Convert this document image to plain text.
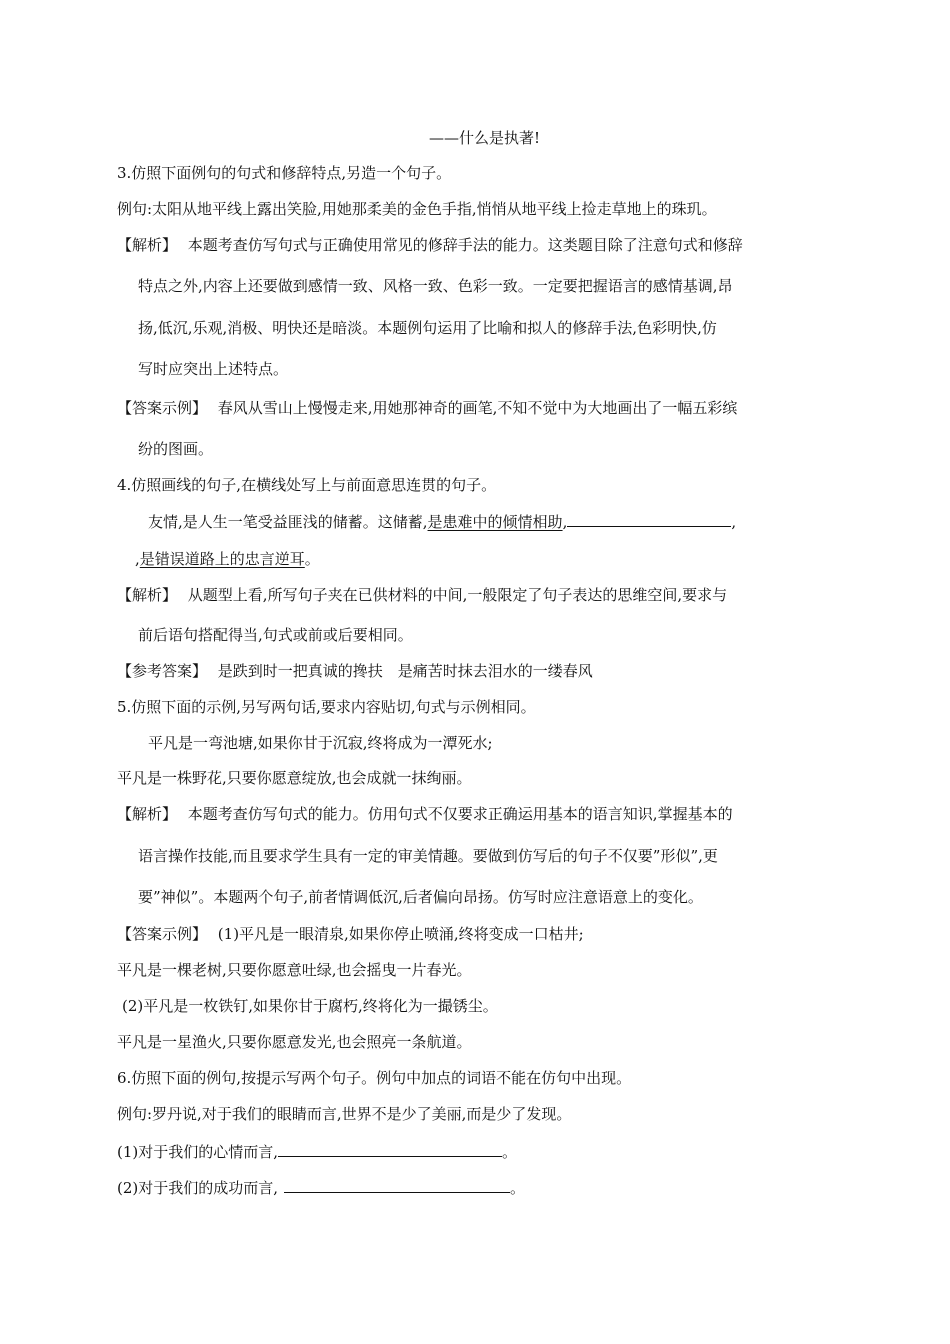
——什么是执著!
3.仿照下面例句的句式和修辞特点,另造一个句子。
例句:太阳从地平线上露出笑脸,用她那柔美的金色手指,悄悄从地平线上捡走草地上的珠玑。
【解析】 本题考查仿写句式与正确使用常见的修辞手法的能力。这类题目除了注意句式和修辞
特点之外,内容上还要做到感情一致、风格一致、色彩一致。一定要把握语言的感情基调,昂
扬,低沉,乐观,消极、明快还是暗淡。本题例句运用了比喻和拟人的修辞手法,色彩明快,仿
写时应突出上述特点。
【答案示例】 春风从雪山上慢慢走来,用她那神奇的画笔,不知不觉中为大地画出了一幅五彩缤
纷的图画。
4.仿照画线的句子,在横线处写上与前面意思连贯的句子。
友情,是人生一笔受益匪浅的储蓄。这储蓄,是患难中的倾情相助,	,
,是错误道路上的忠言逆耳。
【解析】 从题型上看,所写句子夹在已供材料的中间,一般限定了句子表达的思维空间,要求与
前后语句搭配得当,句式或前或后要相同。
【参考答案】 是跌到时一把真诚的搀扶　是痛苦时抹去泪水的一缕春风
5.仿照下面的示例,另写两句话,要求内容贴切,句式与示例相同。
平凡是一弯池塘,如果你甘于沉寂,终将成为一潭死水;
平凡是一株野花,只要你愿意绽放,也会成就一抹绚丽。
【解析】 本题考查仿写句式的能力。仿用句式不仅要求正确运用基本的语言知识,掌握基本的
语言操作技能,而且要求学生具有一定的审美情趣。要做到仿写后的句子不仅要”形似”,更
要”神似”。本题两个句子,前者情调低沉,后者偏向昂扬。仿写时应注意语意上的变化。
【答案示例】 (1)平凡是一眼清泉,如果你停止喷涌,终将变成一口枯井;
平凡是一棵老树,只要你愿意吐绿,也会摇曳一片春光。
(2)平凡是一枚铁钉,如果你甘于腐朽,终将化为一撮锈尘。
平凡是一星渔火,只要你愿意发光,也会照亮一条航道。
6.仿照下面的例句,按提示写两个句子。例句中加点的词语不能在仿句中出现。
例句:罗丹说,对于我们的眼睛而言,世界不是少了美丽,而是少了发现。
(1)对于我们的心情而言,	。
(2)对于我们的成功而言,	。
